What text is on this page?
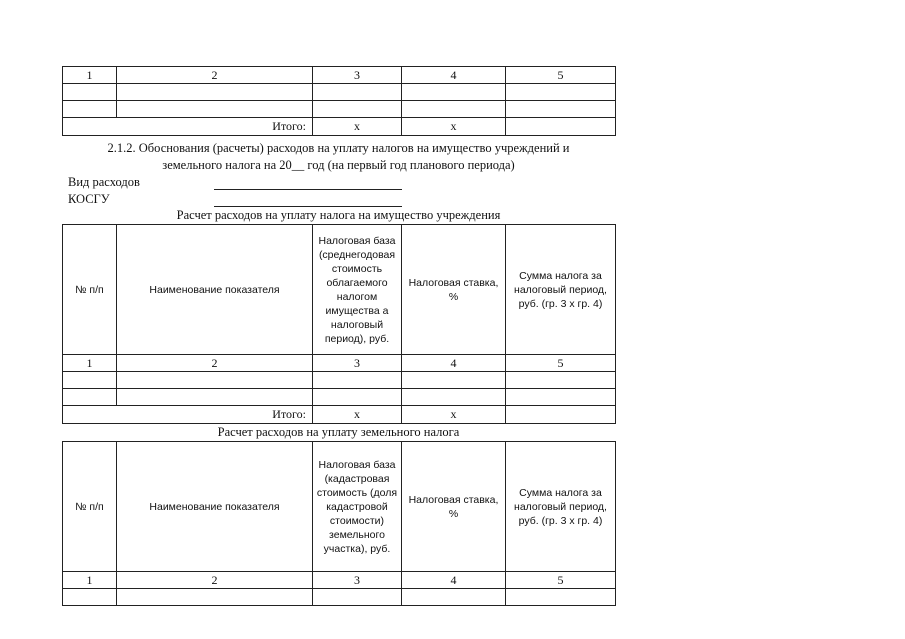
1	2	3	4	5

Итого:		x	x	
2.1.2. Обоснования (расчеты) расходов на уплату налогов на имущество учреждений и
земельного налога на 20__ год (на первый год планового периода)
Вид расходов
КОСГУ
Расчет расходов на уплату налога на имущество учреждения
№ п/п	Наименование показателя	Налоговая база (среднегодовая стоимость облагаемого налогом имущества а налоговый период), руб.	Налоговая ставка, %	Сумма налога за налоговый период, руб. (гр. 3 х гр. 4)
1	2	3	4	5

Итого:		x	x	
Расчет расходов на уплату земельного налога
№ п/п	Наименование показателя	Налоговая база (кадастровая стоимость (доля кадастровой стоимости) земельного участка), руб.	Налоговая ставка, %	Сумма налога за налоговый период, руб. (гр. 3 х гр. 4)
1	2	3	4	5
